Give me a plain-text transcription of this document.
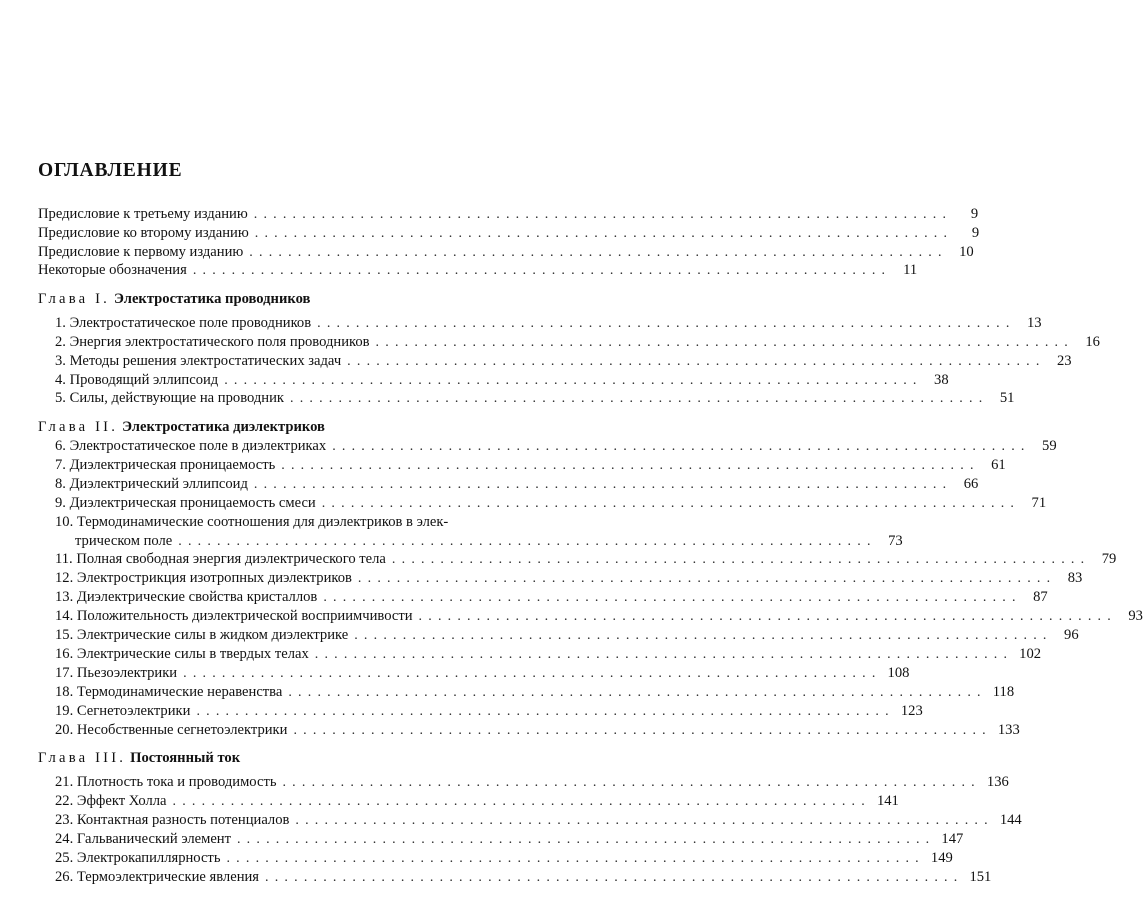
ОГЛАВЛЕНИЕ
Предисловие к третьему изданию ........................................................................	9
Предисловие ко второму изданию ........................................................................	9
Предисловие к первому изданию ........................................................................ 10
Некоторые обозначения ........................................................................ 11
Глава I. Электростатика проводников
1. Электростатическое поле проводников ........................................................................ 13
2. Энергия электростатического поля проводников ........................................................................ 16
3. Методы решения электростатических задач ........................................................................ 23
4. Проводящий эллипсоид ........................................................................ 38
5. Силы, действующие на проводник ........................................................................ 51
Глава II. Электростатика диэлектриков
6. Электростатическое поле в диэлектриках ........................................................................ 59
7. Диэлектрическая проницаемость ........................................................................ 61
8. Диэлектрический эллипсоид ........................................................................ 66
9. Диэлектрическая проницаемость смеси ........................................................................ 71
10. Термодинамические соотношения для диэлектриков в элек-
трическом поле ........................................................................ 73
11. Полная свободная энергия диэлектрического тела ........................................................................ 79
12. Электрострикция изотропных диэлектриков ........................................................................ 83
13. Диэлектрические свойства кристаллов ........................................................................ 87
14. Положительность диэлектрической восприимчивости ........................................................................ 93
15. Электрические силы в жидком диэлектрике ........................................................................ 96
16. Электрические силы в твердых телах ........................................................................ 102
17. Пьезоэлектрики ........................................................................ 108
18. Термодинамические неравенства ........................................................................ 118
19. Сегнетоэлектрики ........................................................................ 123
20. Несобственные сегнетоэлектрики ........................................................................ 133
Глава III. Постоянный ток
21. Плотность тока и проводимость ........................................................................ 136
22. Эффект Холла ........................................................................ 141
23. Контактная разность потенциалов ........................................................................ 144
24. Гальванический элемент ........................................................................ 147
25. Электрокапиллярность ........................................................................ 149
26. Термоэлектрические явления ........................................................................ 151
